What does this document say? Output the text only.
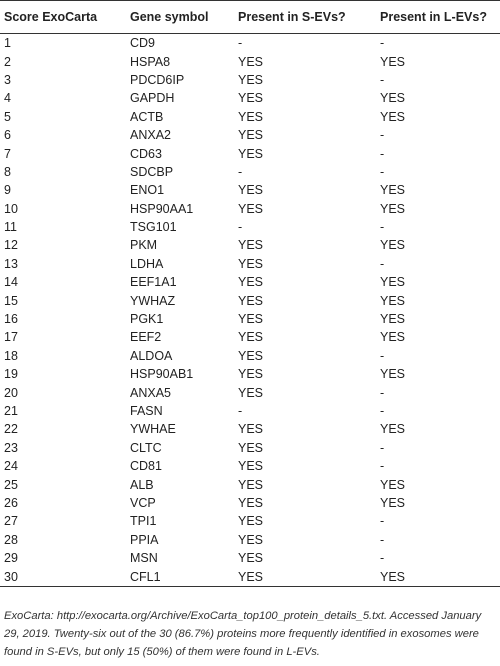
Score ExoCarta	Gene symbol	Present in S-EVs?	Present in L-EVs?
1	CD9	-	-
2	HSPA8	YES	YES
3	PDCD6IP	YES	-
4	GAPDH	YES	YES
5	ACTB	YES	YES
6	ANXA2	YES	-
7	CD63	YES	-
8	SDCBP	-	-
9	ENO1	YES	YES
10	HSP90AA1	YES	YES
11	TSG101	-	-
12	PKM	YES	YES
13	LDHA	YES	-
14	EEF1A1	YES	YES
15	YWHAZ	YES	YES
16	PGK1	YES	YES
17	EEF2	YES	YES
18	ALDOA	YES	-
19	HSP90AB1	YES	YES
20	ANXA5	YES	-
21	FASN	-	-
22	YWHAE	YES	YES
23	CLTC	YES	-
24	CD81	YES	-
25	ALB	YES	YES
26	VCP	YES	YES
27	TPI1	YES	-
28	PPIA	YES	-
29	MSN	YES	-
30	CFL1	YES	YES
ExoCarta: http://exocarta.org/Archive/ExoCarta_top100_protein_details_5.txt. Accessed January 29, 2019. Twenty-six out of the 30 (86.7%) proteins more frequently identified in exosomes were found in S-EVs, but only 15 (50%) of them were found in L-EVs.
